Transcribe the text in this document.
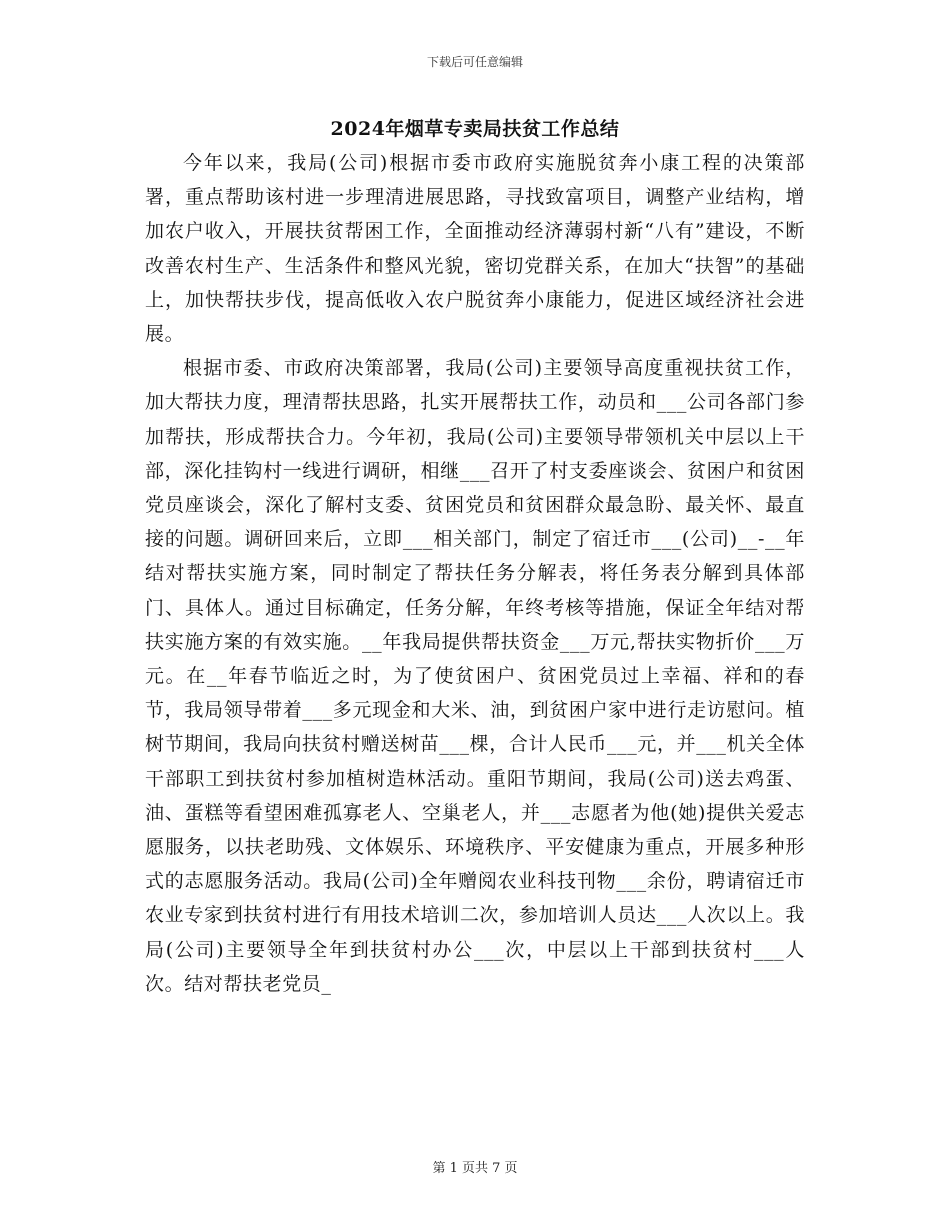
下载后可任意编辑
2024年烟草专卖局扶贫工作总结

今年以来，我局(公司)根据市委市政府实施脱贫奔小康工程的决策部署，重点帮助该村进一步理清进展思路，寻找致富项目，调整产业结构，增加农户收入，开展扶贫帮困工作，全面推动经济薄弱村新“八有”建设，不断改善农村生产、生活条件和整风光貌，密切党群关系，在加大“扶智”的基础上，加快帮扶步伐，提高低收入农户脱贫奔小康能力，促进区域经济社会进展。

根据市委、市政府决策部署，我局(公司)主要领导高度重视扶贫工作，加大帮扶力度，理清帮扶思路，扎实开展帮扶工作，动员和___公司各部门参加帮扶，形成帮扶合力。今年初，我局(公司)主要领导带领机关中层以上干部，深化挂钩村一线进行调研，相继___召开了村支委座谈会、贫困户和贫困党员座谈会，深化了解村支委、贫困党员和贫困群众最急盼、最关怀、最直接的问题。调研回来后，立即___相关部门，制定了宿迁市___(公司)__-__年结对帮扶实施方案，同时制定了帮扶任务分解表，将任务表分解到具体部门、具体人。通过目标确定，任务分解，年终考核等措施，保证全年结对帮扶实施方案的有效实施。__年我局提供帮扶资金___万元,帮扶实物折价___万元。在__年春节临近之时，为了使贫困户、贫困党员过上幸福、祥和的春节，我局领导带着___多元现金和大米、油，到贫困户家中进行走访慰问。植树节期间，我局向扶贫村赠送树苗___棵，合计人民币___元，并___机关全体干部职工到扶贫村参加植树造林活动。重阳节期间，我局(公司)送去鸡蛋、油、蛋糕等看望困难孤寡老人、空巢老人，并___志愿者为他(她)提供关爱志愿服务，以扶老助残、文体娱乐、环境秩序、平安健康为重点，开展多种形式的志愿服务活动。我局(公司)全年赠阅农业科技刊物___余份，聘请宿迁市农业专家到扶贫村进行有用技术培训二次，参加培训人员达___人次以上。我局(公司)主要领导全年到扶贫村办公___次，中层以上干部到扶贫村___人次。结对帮扶老党员_

第 1 页共 7 页
